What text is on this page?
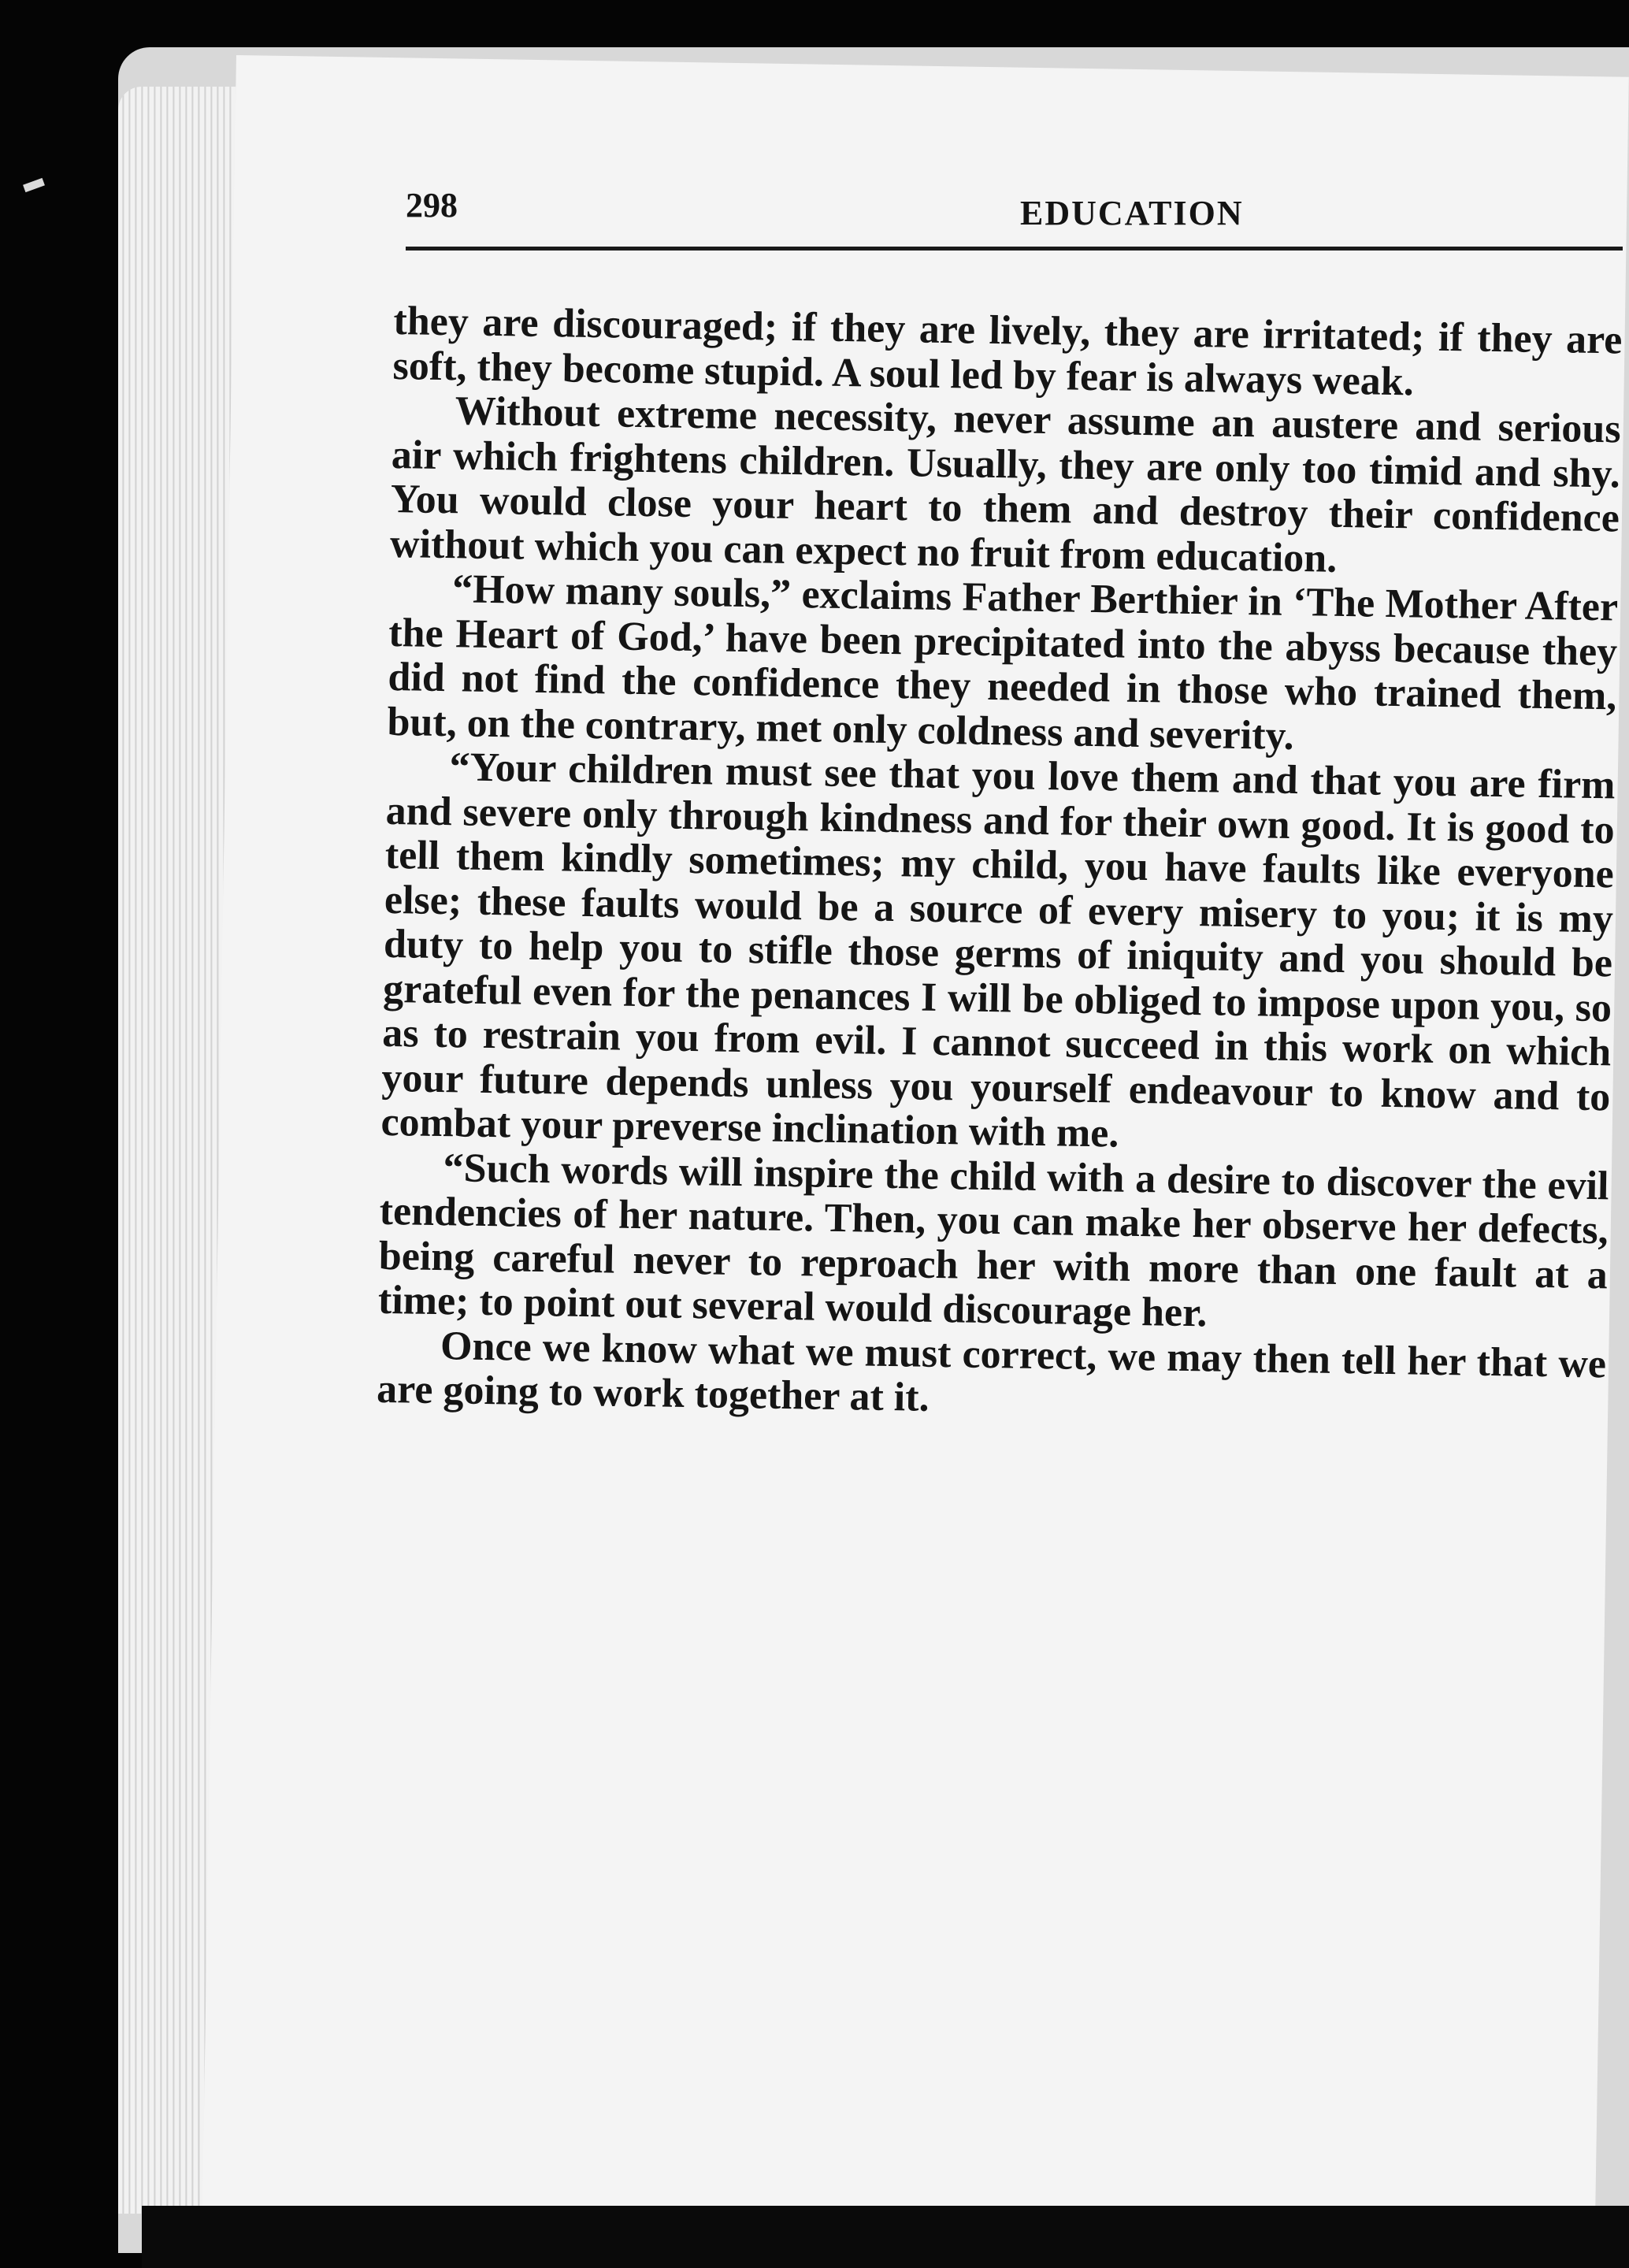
298	EDUCATION

they are discouraged; if they are lively, they are irritated; if they are soft, they become stupid. A soul led by fear is always weak.

Without extreme necessity, never assume an austere and serious air which frightens children. Usually, they are only too timid and shy. You would close your heart to them and destroy their confidence without which you can expect no fruit from education.

“How many souls,” exclaims Father Berthier in ‘The Mother After the Heart of God,’ have been precipitated into the abyss because they did not find the confidence they needed in those who trained them, but, on the contrary, met only coldness and severity.

“Your children must see that you love them and that you are firm and severe only through kindness and for their own good. It is good to tell them kindly sometimes; my child, you have faults like everyone else; these faults would be a source of every misery to you; it is my duty to help you to stifle those germs of iniquity and you should be grateful even for the penances I will be obliged to impose upon you, so as to restrain you from evil. I cannot succeed in this work on which your future depends unless you yourself endeavour to know and to combat your preverse inclination with me.

“Such words will inspire the child with a desire to discover the evil tendencies of her nature. Then, you can make her observe her defects, being careful never to reproach her with more than one fault at a time; to point out several would discourage her.

Once we know what we must correct, we may then tell her that we are going to work together at it.
